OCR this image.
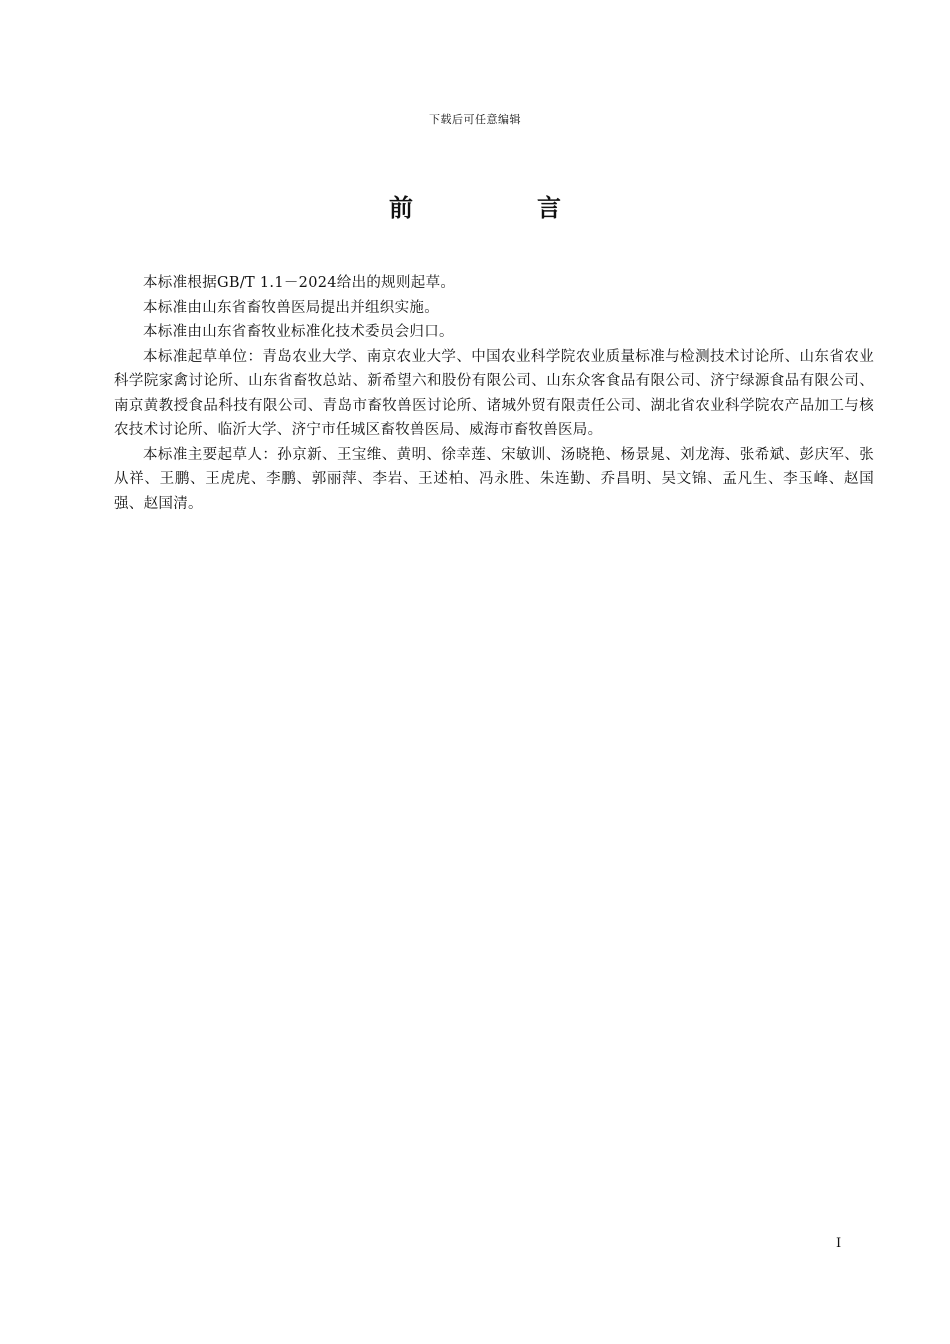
下载后可任意编辑
前　言

本标准根据GB/T 1.1－2024给出的规则起草。

本标准由山东省畜牧兽医局提出并组织实施。

本标准由山东省畜牧业标准化技术委员会归口。

本标准起草单位：青岛农业大学、南京农业大学、中国农业科学院农业质量标准与检测技术讨论所、山东省农业科学院家禽讨论所、山东省畜牧总站、新希望六和股份有限公司、山东众客食品有限公司、济宁绿源食品有限公司、南京黄教授食品科技有限公司、青岛市畜牧兽医讨论所、诸城外贸有限责任公司、湖北省农业科学院农产品加工与核农技术讨论所、临沂大学、济宁市任城区畜牧兽医局、威海市畜牧兽医局。

本标准主要起草人：孙京新、王宝维、黄明、徐幸莲、宋敏训、汤晓艳、杨景晁、刘龙海、张希斌、彭庆军、张从祥、王鹏、王虎虎、李鹏、郭丽萍、李岩、王述柏、冯永胜、朱连勤、乔昌明、吴文锦、孟凡生、李玉峰、赵国强、赵国清。

I
